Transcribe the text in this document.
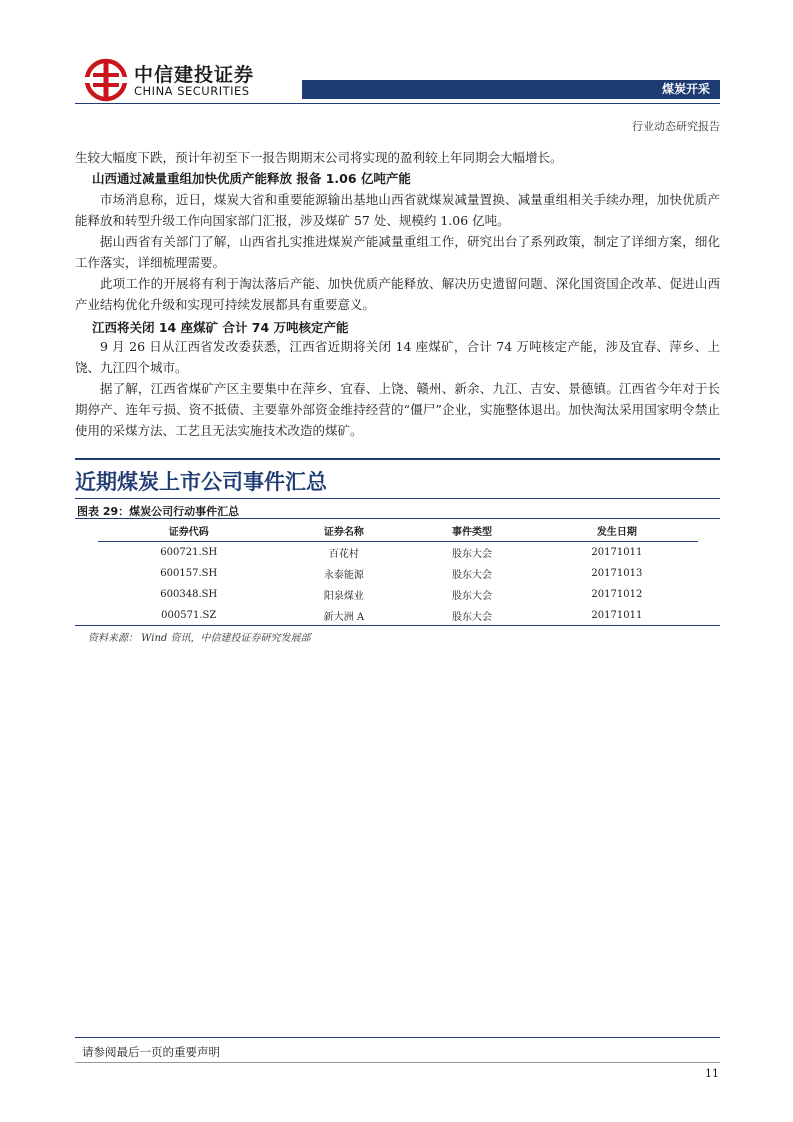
中信建投证券
CHINA SECURITIES	煤炭开采
行业动态研究报告
生较大幅度下跌，预计年初至下一报告期期末公司将实现的盈利较上年同期会大幅增长。
山西通过减量重组加快优质产能释放 报备 1.06 亿吨产能
市场消息称，近日，煤炭大省和重要能源输出基地山西省就煤炭减量置换、减量重组相关手续办理，加快优质产能释放和转型升级工作向国家部门汇报，涉及煤矿 57 处、规模约 1.06 亿吨。
据山西省有关部门了解，山西省扎实推进煤炭产能减量重组工作，研究出台了系列政策，制定了详细方案，细化工作落实，详细梳理需要。
此项工作的开展将有利于淘汰落后产能、加快优质产能释放、解决历史遗留问题、深化国资国企改革、促进山西产业结构优化升级和实现可持续发展都具有重要意义。
江西将关闭 14 座煤矿 合计 74 万吨核定产能
9 月 26 日从江西省发改委获悉，江西省近期将关闭 14 座煤矿，合计 74 万吨核定产能，涉及宜春、萍乡、上饶、九江四个城市。
据了解，江西省煤矿产区主要集中在萍乡、宜春、上饶、赣州、新余、九江、吉安、景德镇。江西省今年对于长期停产、连年亏损、资不抵债、主要靠外部资金维持经营的“僵尸”企业，实施整体退出。加快淘汰采用国家明令禁止使用的采煤方法、工艺且无法实施技术改造的煤矿。
近期煤炭上市公司事件汇总
图表 29：煤炭公司行动事件汇总
证券代码	证券名称	事件类型	发生日期
600721.SH	百花村	股东大会	20171011
600157.SH	永泰能源	股东大会	20171013
600348.SH	阳泉煤业	股东大会	20171012
000571.SZ	新大洲 A	股东大会	20171011
资料来源： Wind 资讯，中信建投证券研究发展部
请参阅最后一页的重要声明
11
